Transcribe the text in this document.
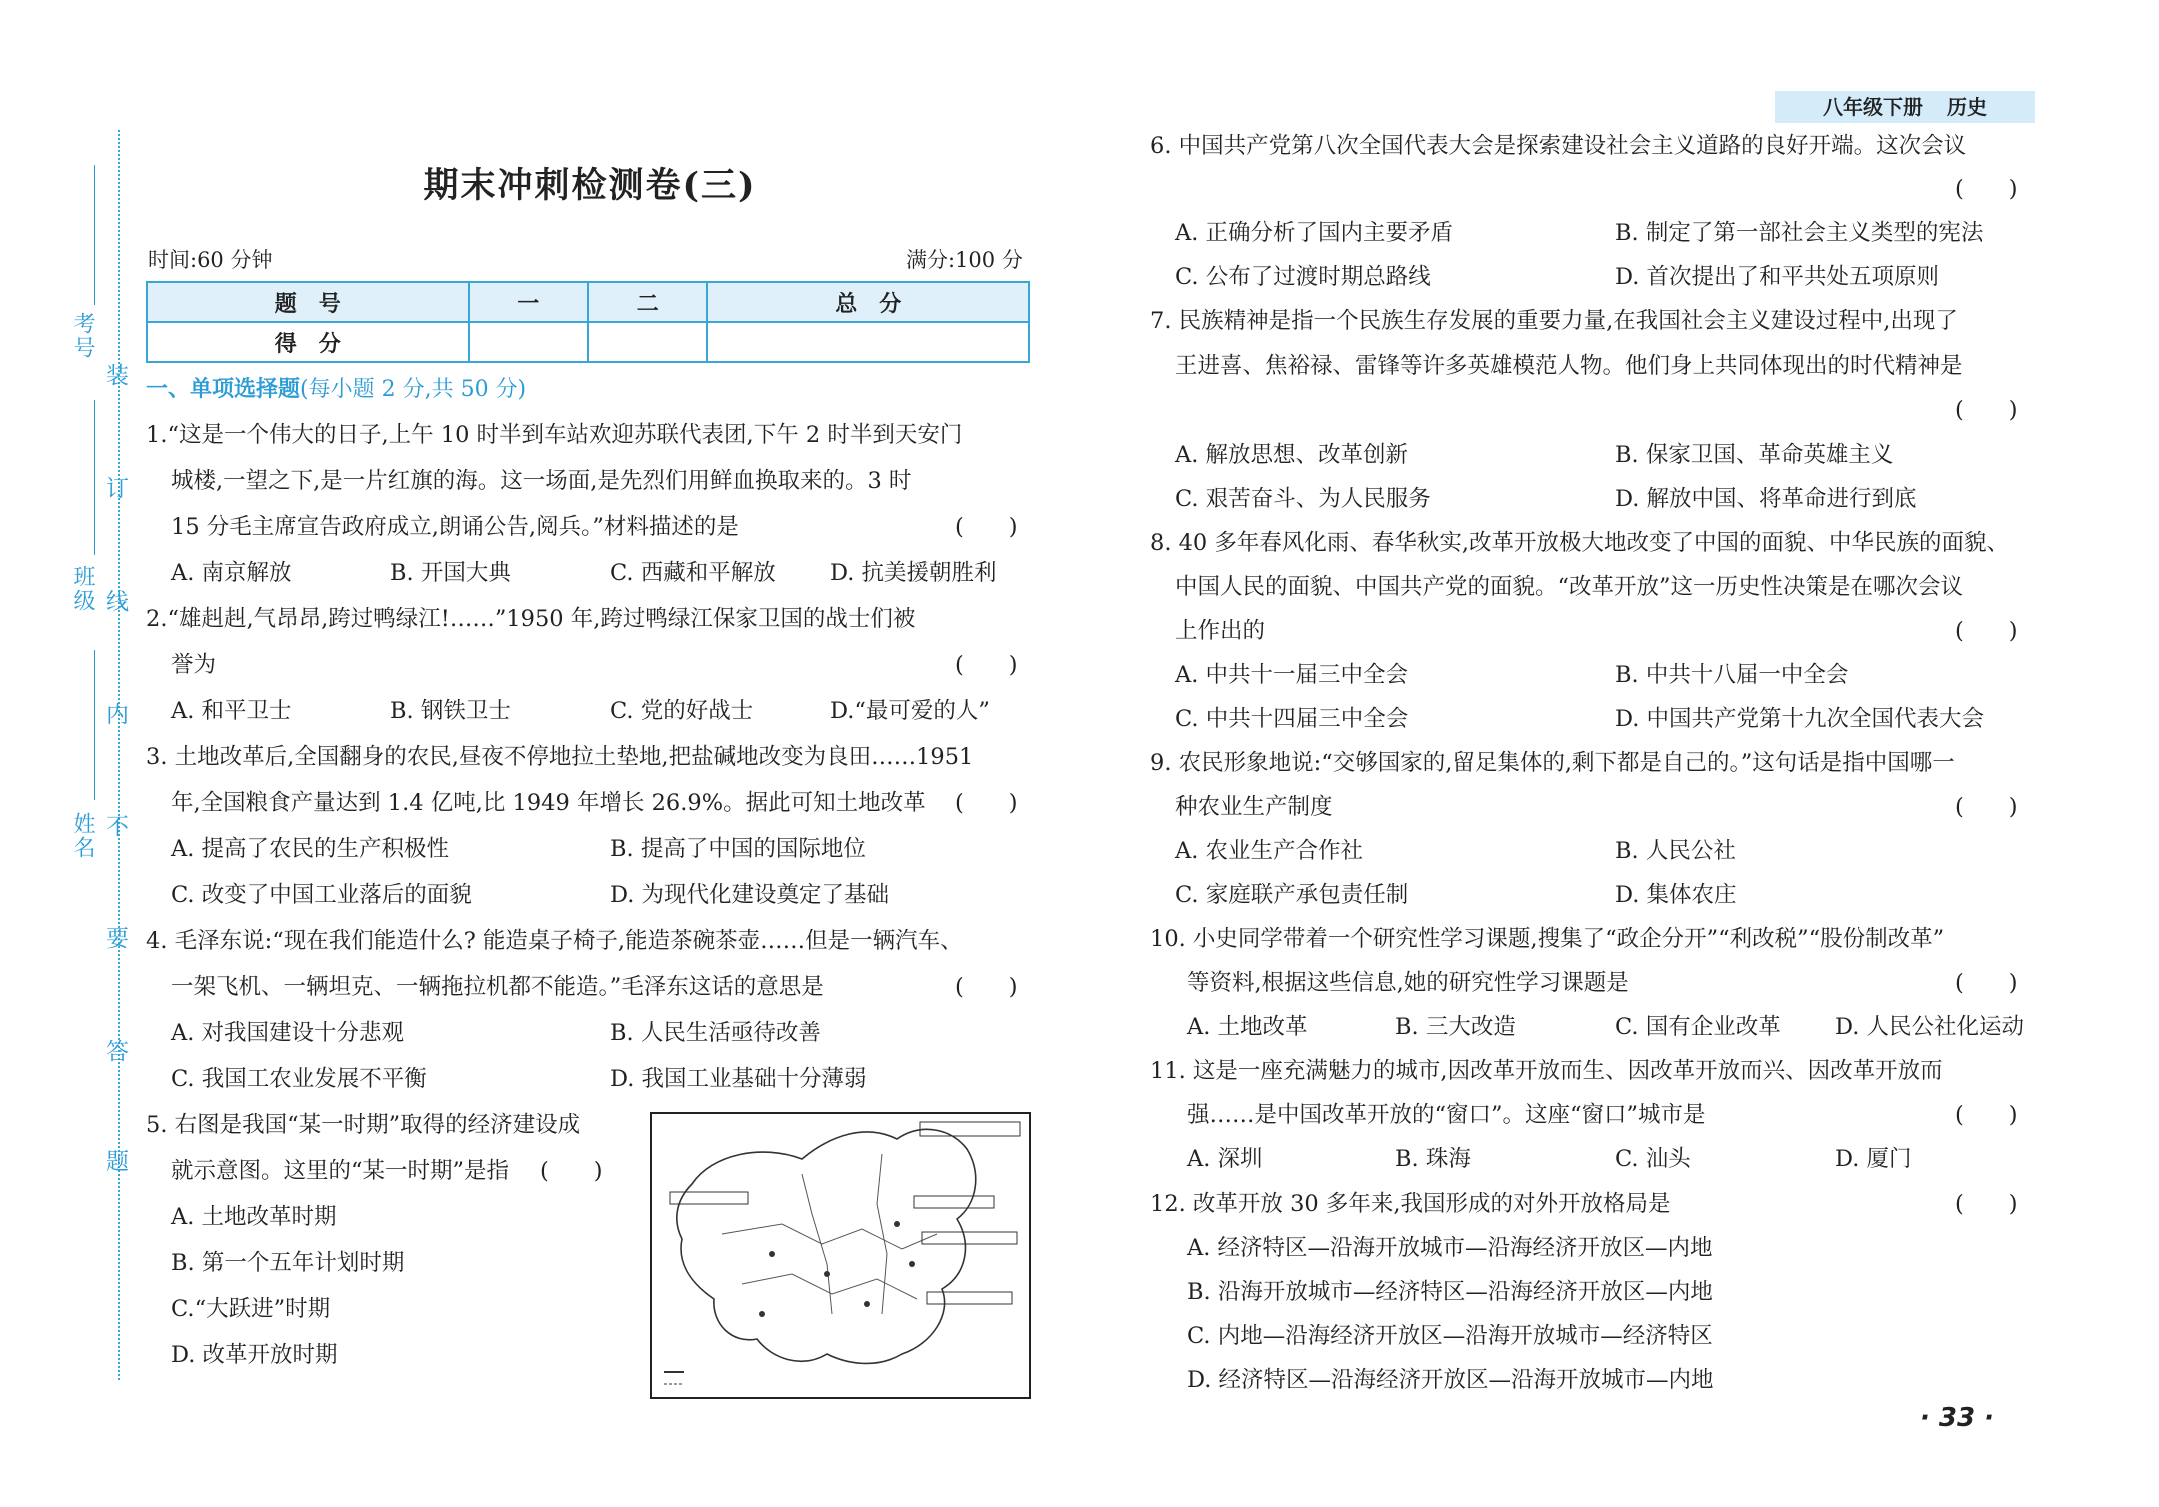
装
订
线
内
不
要
答
题
考号
班级
姓名
八年级下册 历史
期末冲刺检测卷(三)
时间:60 分钟	满分:100 分
题　号	一	二	总　分
得　分			
一、单项选择题(每小题 2 分,共 50 分)
1.“这是一个伟大的日子,上午 10 时半到车站欢迎苏联代表团,下午 2 时半到天安门
城楼,一望之下,是一片红旗的海。这一场面,是先烈们用鲜血换取来的。3 时
15 分毛主席宣告政府成立,朗诵公告,阅兵。”材料描述的是	(　　)
A. 南京解放	B. 开国大典	C. 西藏和平解放 D. 抗美援朝胜利
2.“雄赳赳,气昂昂,跨过鸭绿江!……”1950 年,跨过鸭绿江保家卫国的战士们被
誉为	(　　)
A. 和平卫士	B. 钢铁卫士	C. 党的好战士	D.“最可爱的人”
3. 土地改革后,全国翻身的农民,昼夜不停地拉土垫地,把盐碱地改变为良田……1951
年,全国粮食产量达到 1.4 亿吨,比 1949 年增长 26.9%。据此可知土地改革 (　　)
A. 提高了农民的生产积极性	B. 提高了中国的国际地位
C. 改变了中国工业落后的面貌	D. 为现代化建设奠定了基础
4. 毛泽东说:“现在我们能造什么? 能造桌子椅子,能造茶碗茶壶……但是一辆汽车、
一架飞机、一辆坦克、一辆拖拉机都不能造。”毛泽东这话的意思是	(　　)
A. 对我国建设十分悲观	B. 人民生活亟待改善
C. 我国工农业发展不平衡	D. 我国工业基础十分薄弱
5. 右图是我国“某一时期”取得的经济建设成
就示意图。这里的“某一时期”是指 (　　)
A. 土地改革时期
B. 第一个五年计划时期
C.“大跃进”时期
D. 改革开放时期
6. 中国共产党第八次全国代表大会是探索建设社会主义道路的良好开端。这次会议
(　　)
A. 正确分析了国内主要矛盾	B. 制定了第一部社会主义类型的宪法
C. 公布了过渡时期总路线	D. 首次提出了和平共处五项原则
7. 民族精神是指一个民族生存发展的重要力量,在我国社会主义建设过程中,出现了
王进喜、焦裕禄、雷锋等许多英雄模范人物。他们身上共同体现出的时代精神是
(　　)
A. 解放思想、改革创新	B. 保家卫国、革命英雄主义
C. 艰苦奋斗、为人民服务	D. 解放中国、将革命进行到底
8. 40 多年春风化雨、春华秋实,改革开放极大地改变了中国的面貌、中华民族的面貌、
中国人民的面貌、中国共产党的面貌。“改革开放”这一历史性决策是在哪次会议
上作出的	(　　)
A. 中共十一届三中全会	B. 中共十八届一中全会
C. 中共十四届三中全会	D. 中国共产党第十九次全国代表大会
9. 农民形象地说:“交够国家的,留足集体的,剩下都是自己的。”这句话是指中国哪一
种农业生产制度	(　　)
A. 农业生产合作社	B. 人民公社
C. 家庭联产承包责任制	D. 集体农庄
10. 小史同学带着一个研究性学习课题,搜集了“政企分开”“利改税”“股份制改革”
等资料,根据这些信息,她的研究性学习课题是	(　　)
A. 土地改革	B. 三大改造	C. 国有企业改革 D. 人民公社化运动
11. 这是一座充满魅力的城市,因改革开放而生、因改革开放而兴、因改革开放而
强……是中国改革开放的“窗口”。这座“窗口”城市是	(　　)
A. 深圳	B. 珠海	C. 汕头	D. 厦门
12. 改革开放 30 多年来,我国形成的对外开放格局是	(　　)
A. 经济特区—沿海开放城市—沿海经济开放区—内地
B. 沿海开放城市—经济特区—沿海经济开放区—内地
C. 内地—沿海经济开放区—沿海开放城市—经济特区
D. 经济特区—沿海经济开放区—沿海开放城市—内地
· 33 ·
